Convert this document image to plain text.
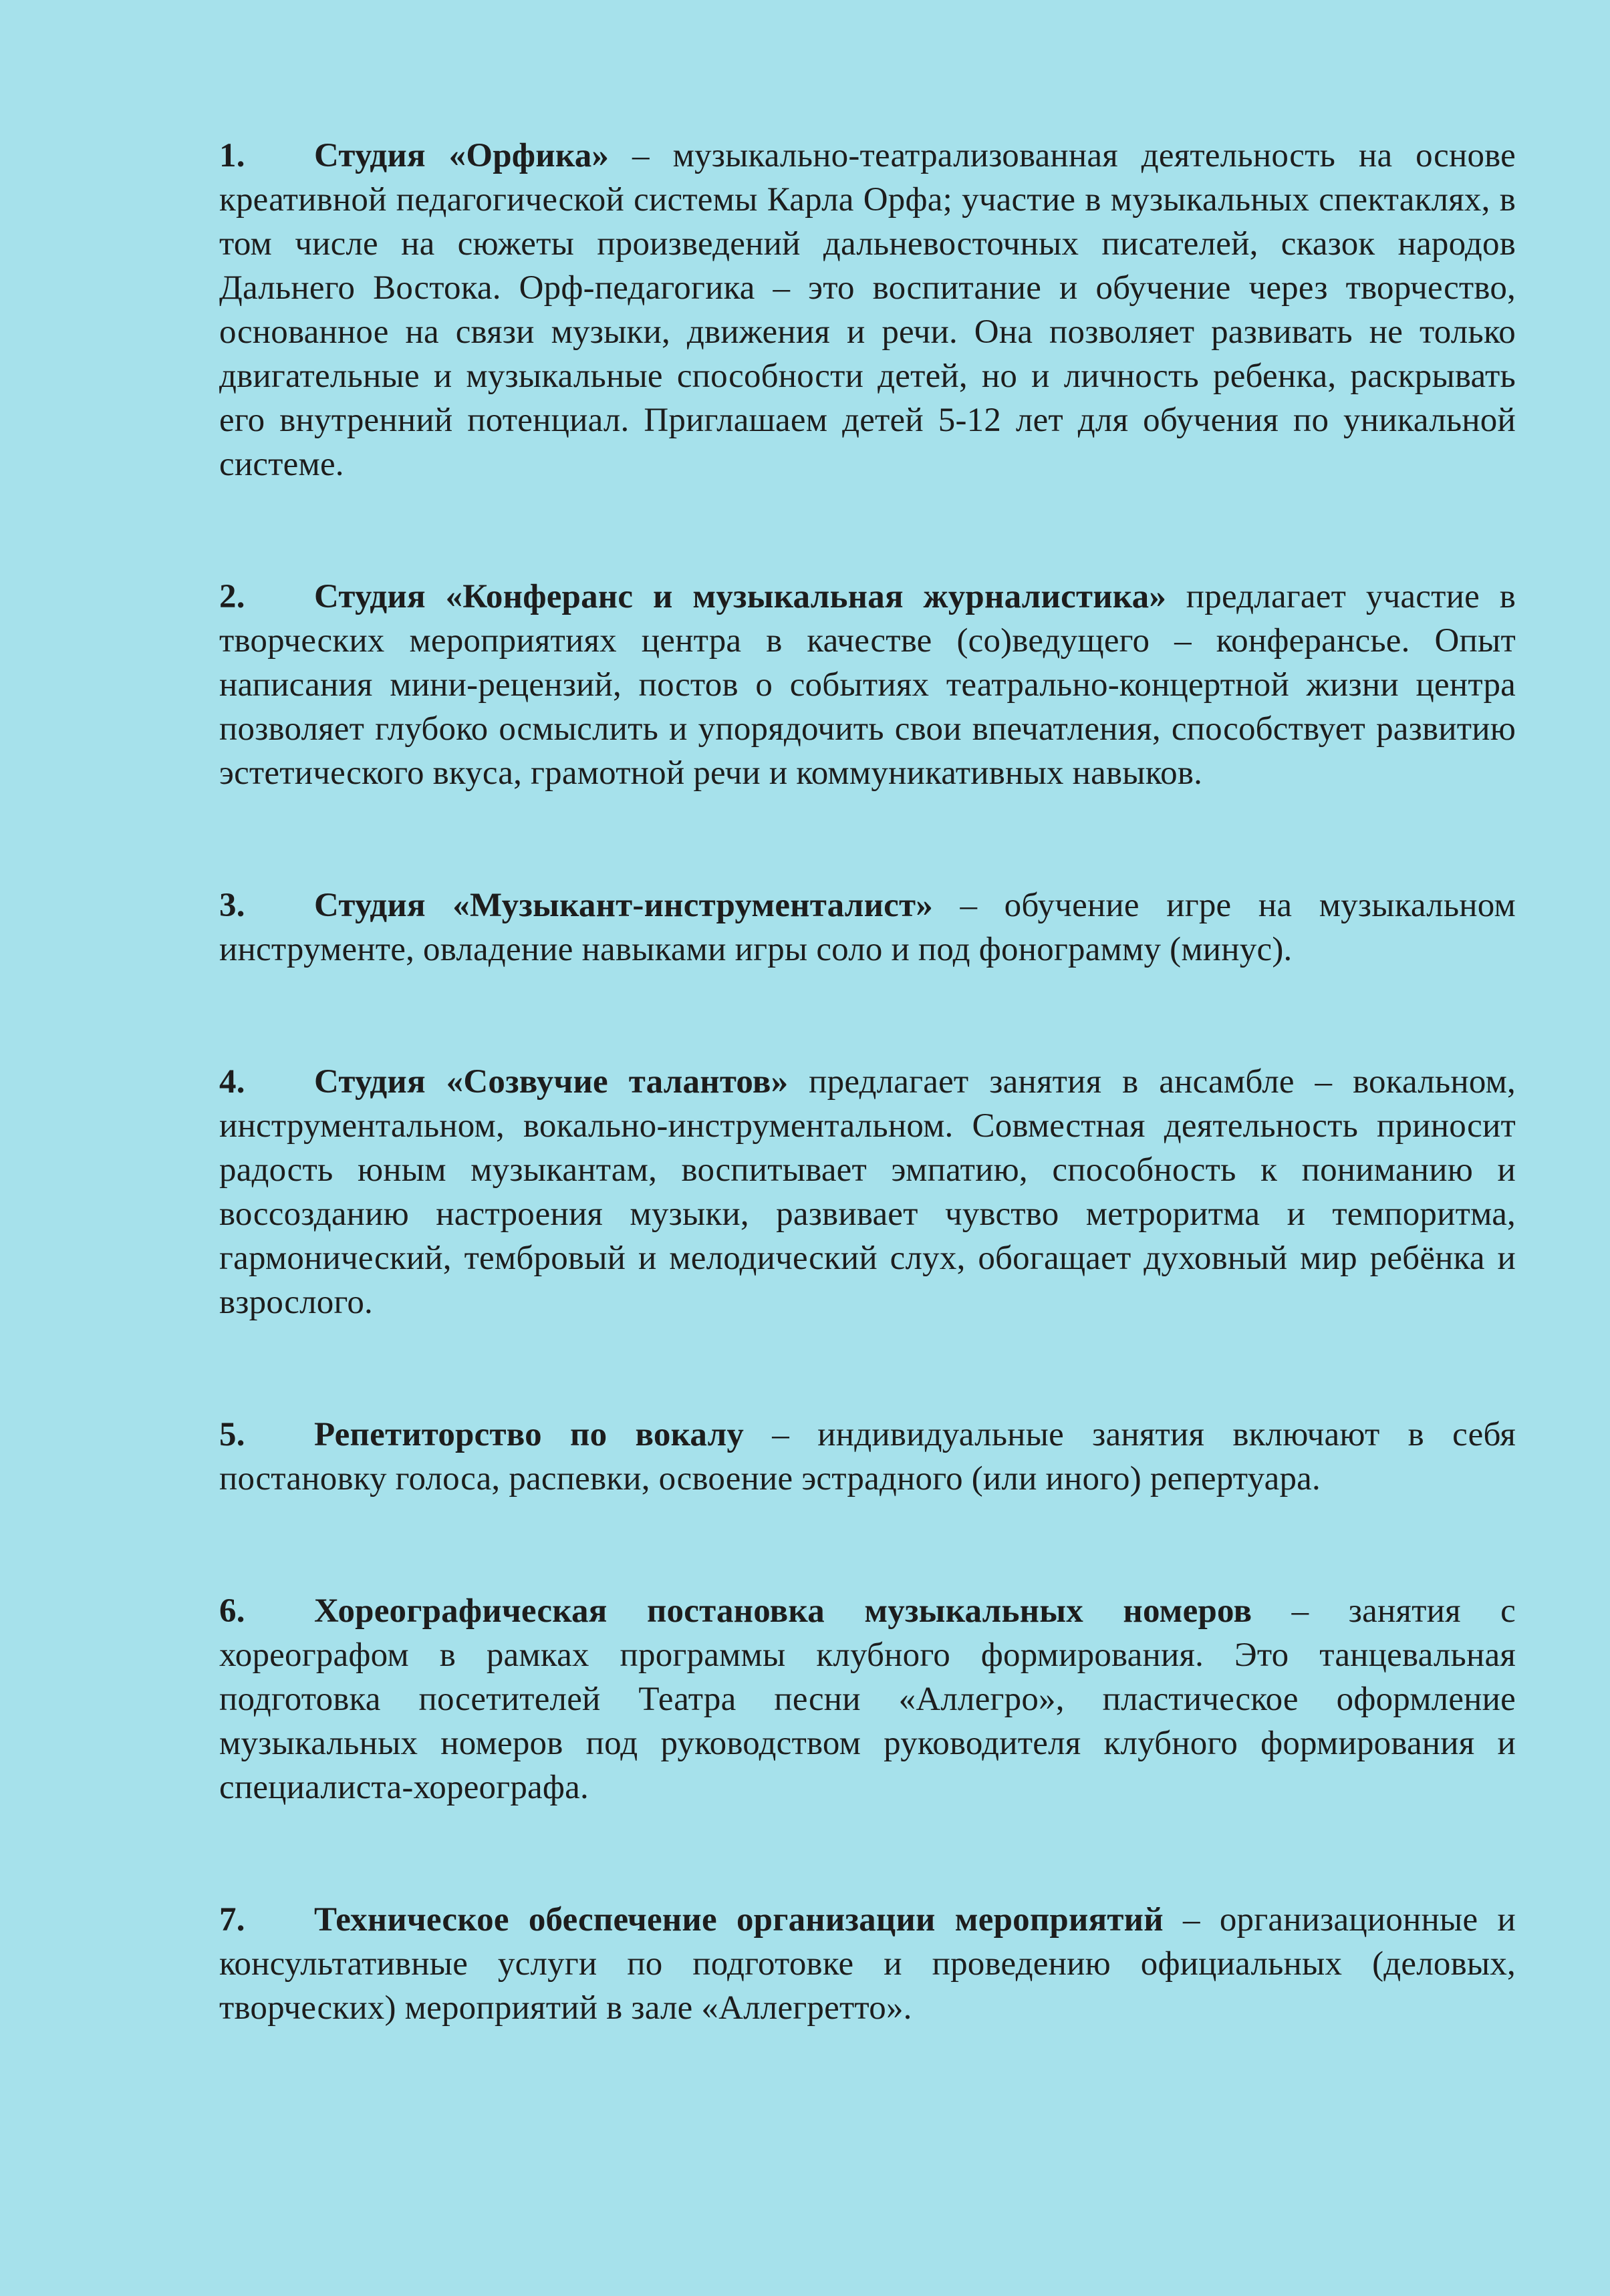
1. Студия «Орфика» – музыкально-театрализованная деятельность на основе креативной педагогической системы Карла Орфа; участие в музыкальных спектаклях, в том числе на сюжеты произведений дальневосточных писателей, сказок народов Дальнего Востока. Орф-педагогика – это воспитание и обучение через творчество, основанное на связи музыки, движения и речи. Она позволяет развивать не только двигательные и музыкальные способности детей, но и личность ребенка, раскрывать его внутренний потенциал. Приглашаем детей 5-12 лет для обучения по уникальной системе.

2. Студия «Конферанс и музыкальная журналистика» предлагает участие в творческих мероприятиях центра в качестве (со)ведущего – конферансье. Опыт написания мини-рецензий, постов о событиях театрально-концертной жизни центра позволяет глубоко осмыслить и упорядочить свои впечатления, способствует развитию эстетического вкуса, грамотной речи и коммуникативных навыков.

3. Студия «Музыкант-инструменталист» – обучение игре на музыкальном инструменте, овладение навыками игры соло и под фонограмму (минус).

4. Студия «Созвучие талантов» предлагает занятия в ансамбле – вокальном, инструментальном, вокально-инструментальном. Совместная деятельность приносит радость юным музыкантам, воспитывает эмпатию, способность к пониманию и воссозданию настроения музыки, развивает чувство метроритма и темпоритма, гармонический, тембровый и мелодический слух, обогащает духовный мир ребёнка и взрослого.

5. Репетиторство по вокалу – индивидуальные занятия включают в себя постановку голоса, распевки, освоение эстрадного (или иного) репертуара.

6. Хореографическая постановка музыкальных номеров – занятия с хореографом в рамках программы клубного формирования. Это танцевальная подготовка посетителей Театра песни «Аллегро», пластическое оформление музыкальных номеров под руководством руководителя клубного формирования и специалиста-хореографа.

7. Техническое обеспечение организации мероприятий – организационные и консультативные услуги по подготовке и проведению официальных (деловых, творческих) мероприятий в зале «Аллегретто».
